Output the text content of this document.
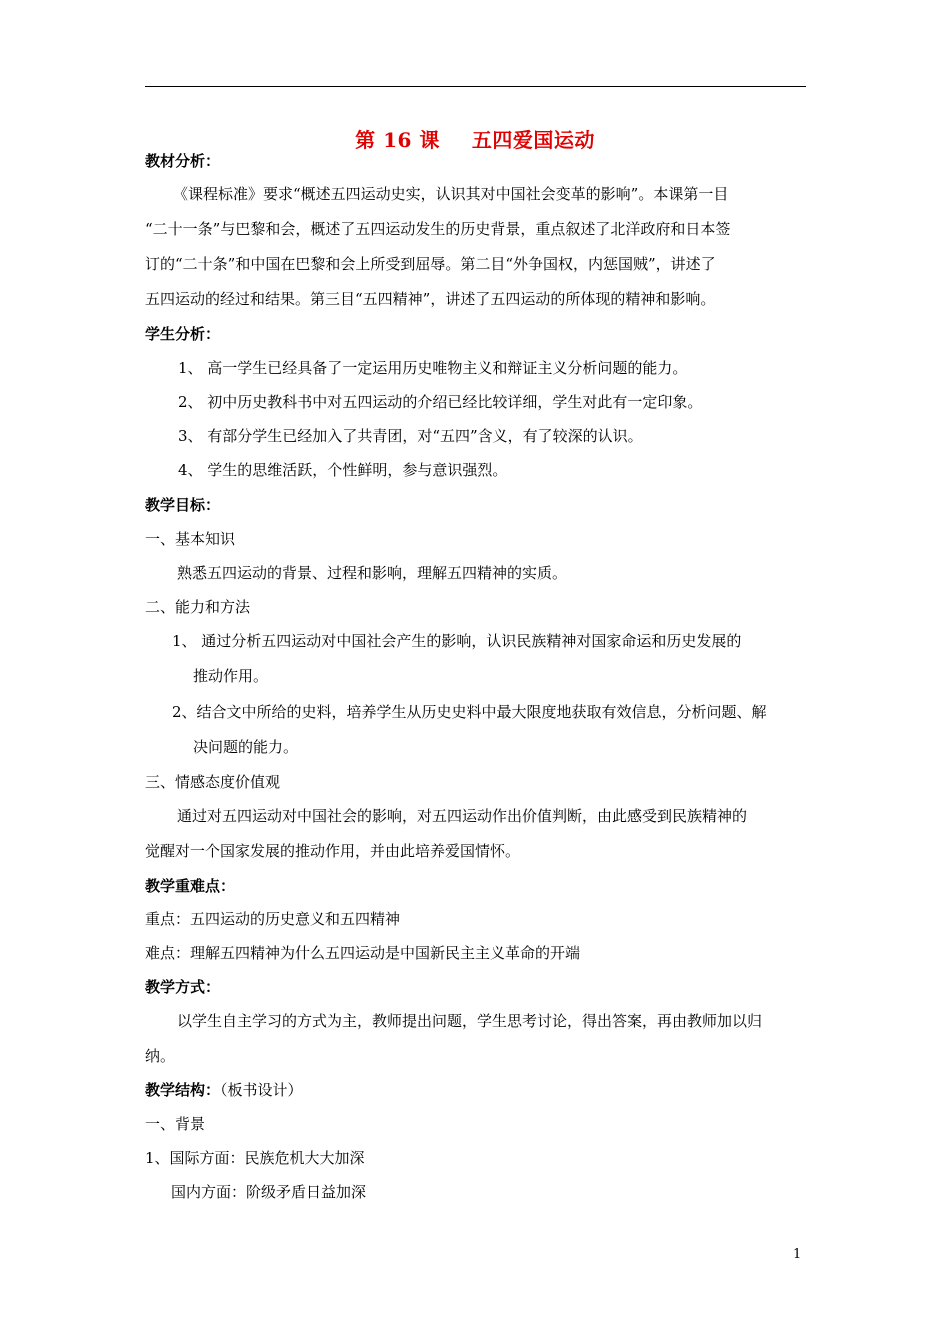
第 16 课 五四爱国运动
教材分析：
《课程标准》要求“概述五四运动史实，认识其对中国社会变革的影响”。本课第一目
“二十一条”与巴黎和会，概述了五四运动发生的历史背景，重点叙述了北洋政府和日本签
订的“二十条”和中国在巴黎和会上所受到屈辱。第二目“外争国权，内惩国贼”，讲述了
五四运动的经过和结果。第三目“五四精神”，讲述了五四运动的所体现的精神和影响。
学生分析：
1、 高一学生已经具备了一定运用历史唯物主义和辩证主义分析问题的能力。
2、 初中历史教科书中对五四运动的介绍已经比较详细，学生对此有一定印象。
3、 有部分学生已经加入了共青团，对“五四”含义，有了较深的认识。
4、 学生的思维活跃，个性鲜明，参与意识强烈。
教学目标：
一、基本知识
熟悉五四运动的背景、过程和影响，理解五四精神的实质。
二、能力和方法
1、 通过分析五四运动对中国社会产生的影响，认识民族精神对国家命运和历史发展的
推动作用。
2、结合文中所给的史料，培养学生从历史史料中最大限度地获取有效信息，分析问题、解
决问题的能力。
三、情感态度价值观
通过对五四运动对中国社会的影响，对五四运动作出价值判断，由此感受到民族精神的
觉醒对一个国家发展的推动作用，并由此培养爱国情怀。
教学重难点：
重点：五四运动的历史意义和五四精神
难点：理解五四精神为什么五四运动是中国新民主主义革命的开端
教学方式：
以学生自主学习的方式为主，教师提出问题，学生思考讨论，得出答案，再由教师加以归
纳。
教学结构：（板书设计）
一、背景
1、国际方面：民族危机大大加深
国内方面：阶级矛盾日益加深
1
